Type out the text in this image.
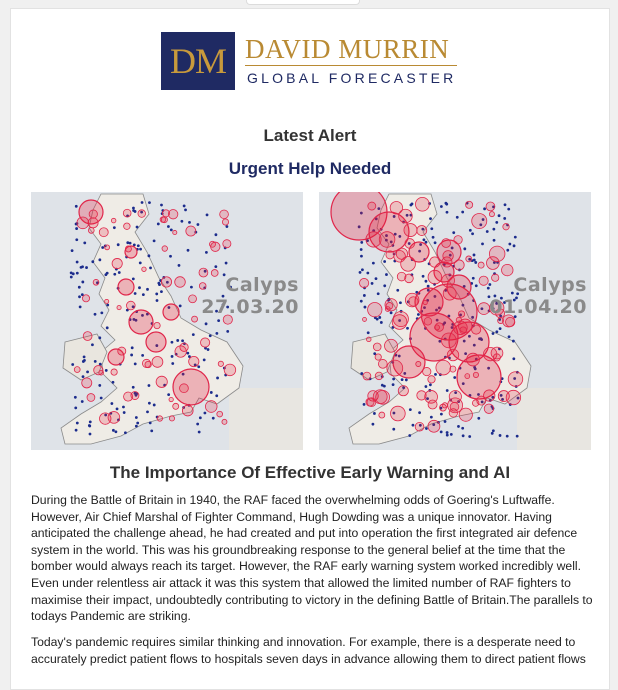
DM DAVID MURRIN
GLOBAL FORECASTER
Latest Alert
Urgent Help Needed
Calyps
27.03.20
Calyps
01.04.20
The Importance Of Effective Early Warning and AI

During the Battle of Britain in 1940, the RAF faced the overwhelming odds of Goering's Luftwaffe. However, Air Chief Marshal of Fighter Command, Hugh Dowding was a unique innovator. Having anticipated the challenge ahead, he had created and put into operation the first integrated air defence system in the world. This was his groundbreaking response to the general belief at the time that the bomber would always reach its target. However, the RAF early warning system worked incredibly well. Even under relentless air attack it was this system that allowed the limited number of RAF fighters to maximise their impact, undoubtedly contributing to victory in the defining Battle of Britain.The parallels to todays Pandemic are striking.

Today's pandemic requires similar thinking and innovation. For example, there is a desperate need to accurately predict patient flows to hospitals seven days in advance allowing them to direct patient flows
